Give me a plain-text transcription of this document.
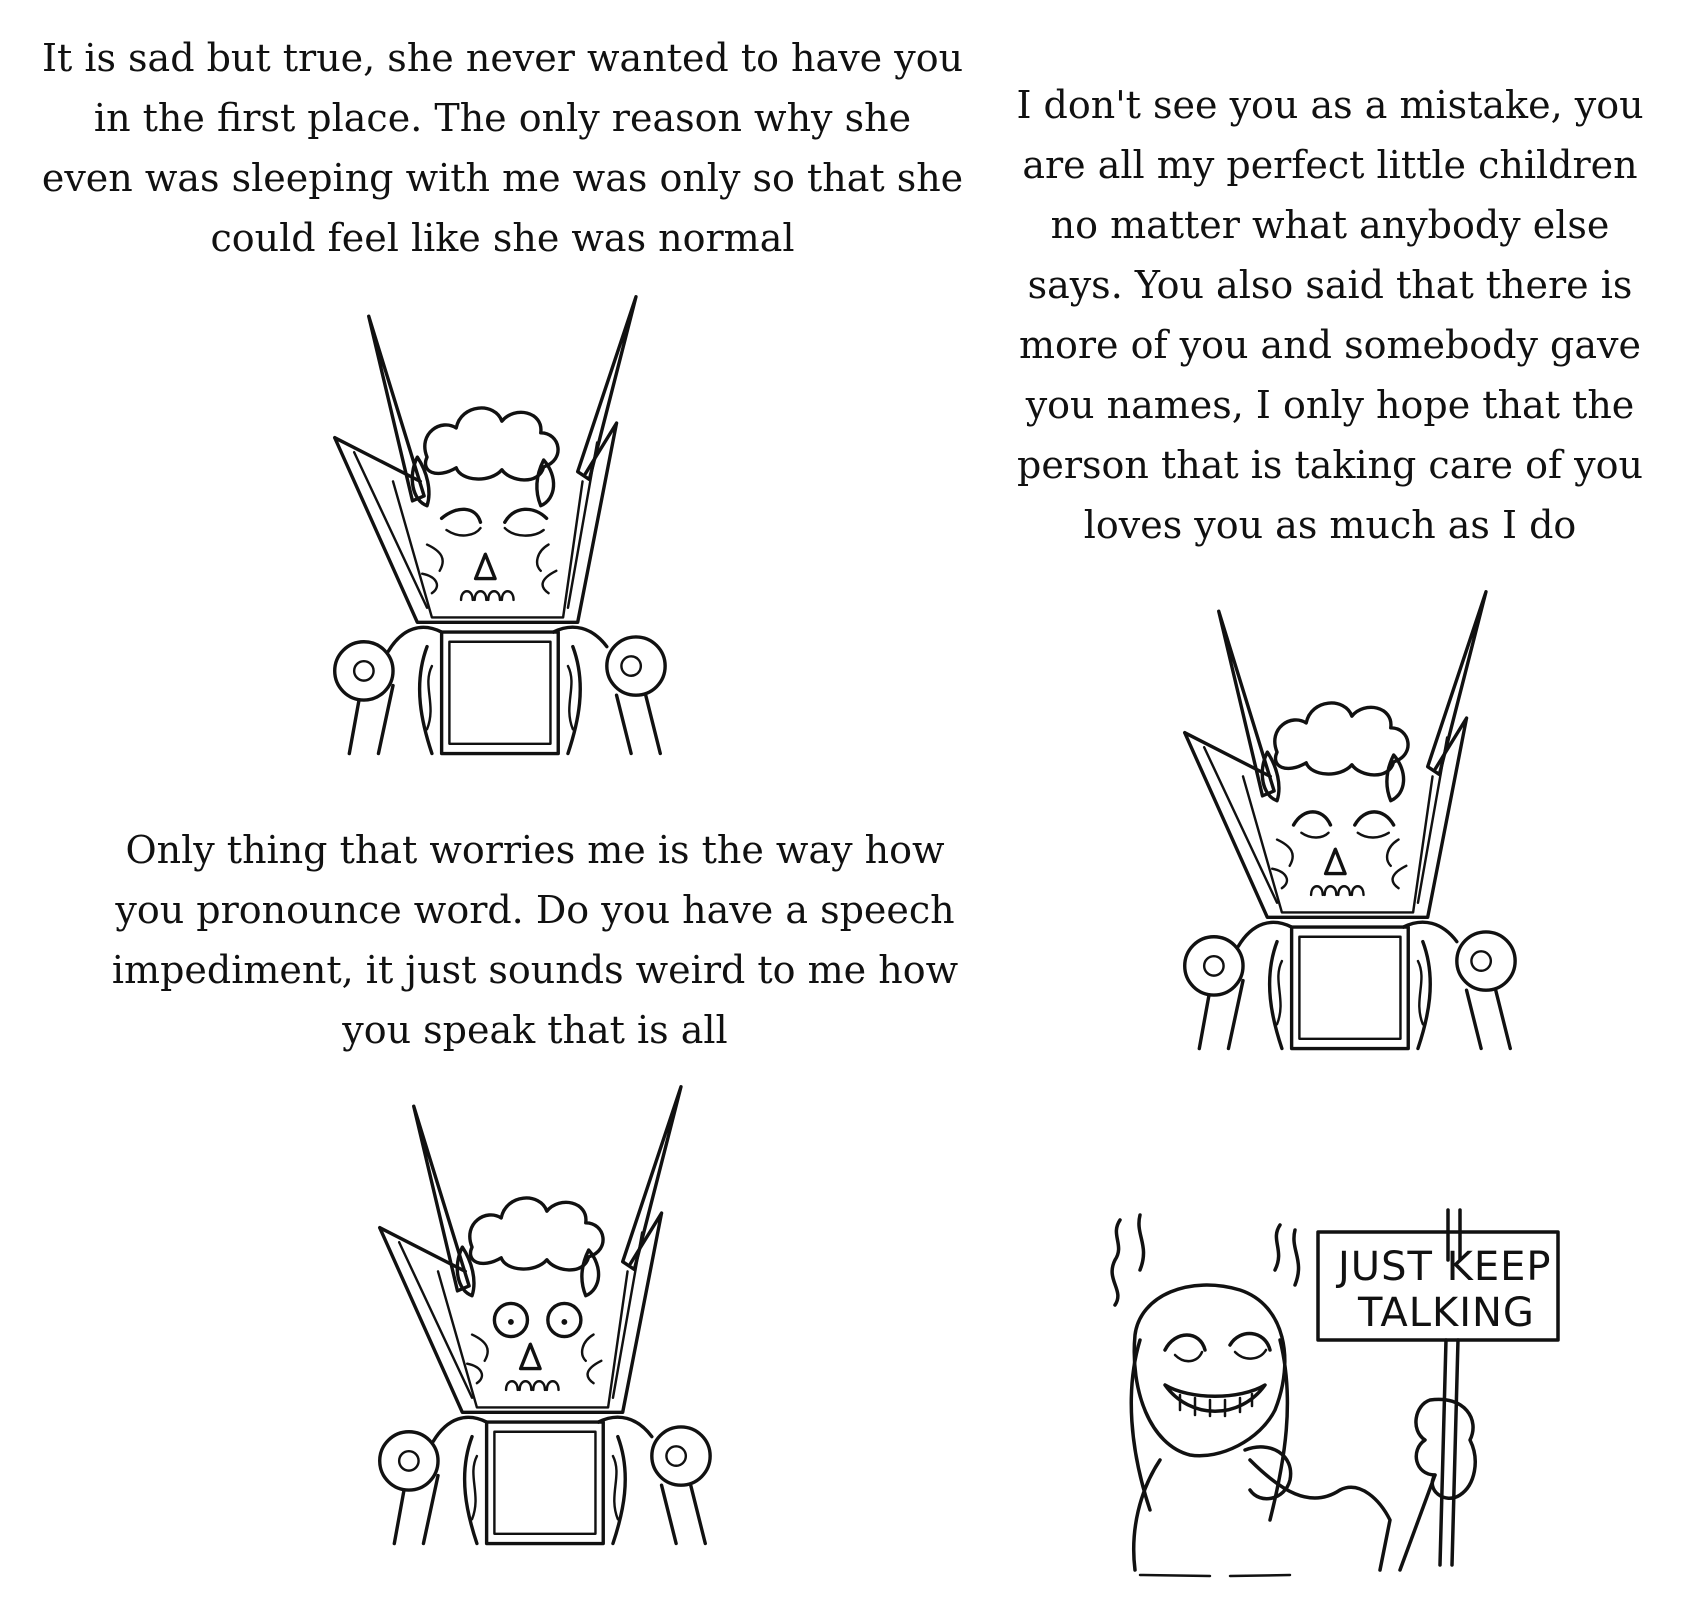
It is sad but true, she never wanted to have you
in the first place. The only reason why she
even was sleeping with me was only so that she
could feel like she was normal
I don't see you as a mistake, you
are all my perfect little children
no matter what anybody else
says. You also said that there is
more of you and somebody gave
you names, I only hope that the
person that is taking care of you
loves you as much as I do
Only thing that worries me is the way how
you pronounce word. Do you have a speech
impediment, it just sounds weird to me how
you speak that is all
JUST KEEP
TALKING
